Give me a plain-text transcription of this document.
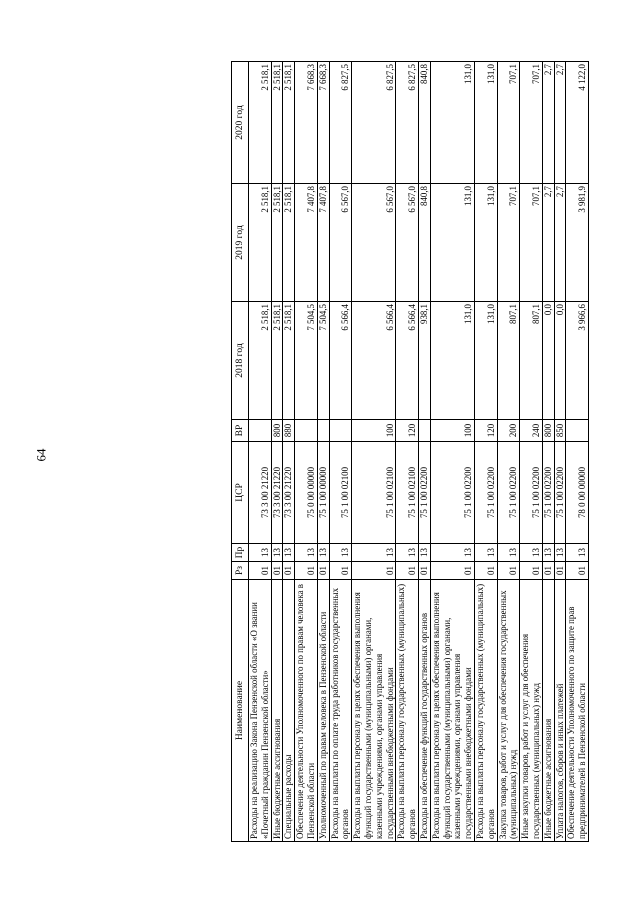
64
Наименование	Рз	Пр	ЦСР	ВР	2018 год	2019 год	2020 год
Расходы на реализацию Закона Пензенской области «О звании «Почетный гражданин Пензенской области»	01	13	73 3 00 21220		2 518,1	2 518,1	2 518,1
Иные бюджетные ассигнования	01	13	73 3 00 21220	800	2 518,1	2 518,1	2 518,1
Специальные расходы	01	13	73 3 00 21220	880	2 518,1	2 518,1	2 518,1
Обеспечение деятельности Уполномоченного по правам человека в Пензенской области	01	13	75 0 00 00000		7 504,5	7 407,8	7 668,3
Уполномоченный по правам человека в Пензенской области	01	13	75 1 00 00000		7 504,5	7 407,8	7 668,3
Расходы на выплаты по оплате труда работников государственных органов	01	13	75 1 00 02100		6 566,4	6 567,0	6 827,5
Расходы на выплаты персоналу в целях обеспечения выполнения функций государственными (муниципальными) органами, казенными учреждениями, органами управления государственными внебюджетными фондами	01	13	75 1 00 02100	100	6 566,4	6 567,0	6 827,5
Расходы на выплаты персоналу государственных (муниципальных) органов	01	13	75 1 00 02100	120	6 566,4	6 567,0	6 827,5
Расходы на обеспечение функций государственных органов	01	13	75 1 00 02200		938,1	840,8	840,8
Расходы на выплаты персоналу в целях обеспечения выполнения функций государственными (муниципальными) органами, казенными учреждениями, органами управления государственными внебюджетными фондами	01	13	75 1 00 02200	100	131,0	131,0	131,0
Расходы на выплаты персоналу государственных (муниципальных) органов	01	13	75 1 00 02200	120	131,0	131,0	131,0
Закупка товаров, работ и услуг для обеспечения государственных (муниципальных) нужд	01	13	75 1 00 02200	200	807,1	707,1	707,1
Иные закупки товаров, работ и услуг для обеспечения государственных (муниципальных) нужд	01	13	75 1 00 02200	240	807,1	707,1	707,1
Иные бюджетные ассигнования	01	13	75 1 00 02200	800	0,0	2,7	2,7
Уплата налогов, сборов и иных платежей	01	13	75 1 00 02200	850	0,0	2,7	2,7
Обеспечение деятельности Уполномоченного по защите прав предпринимателей в Пензенской области	01	13	78 0 00 00000		3 966,6	3 981,9	4 122,0
